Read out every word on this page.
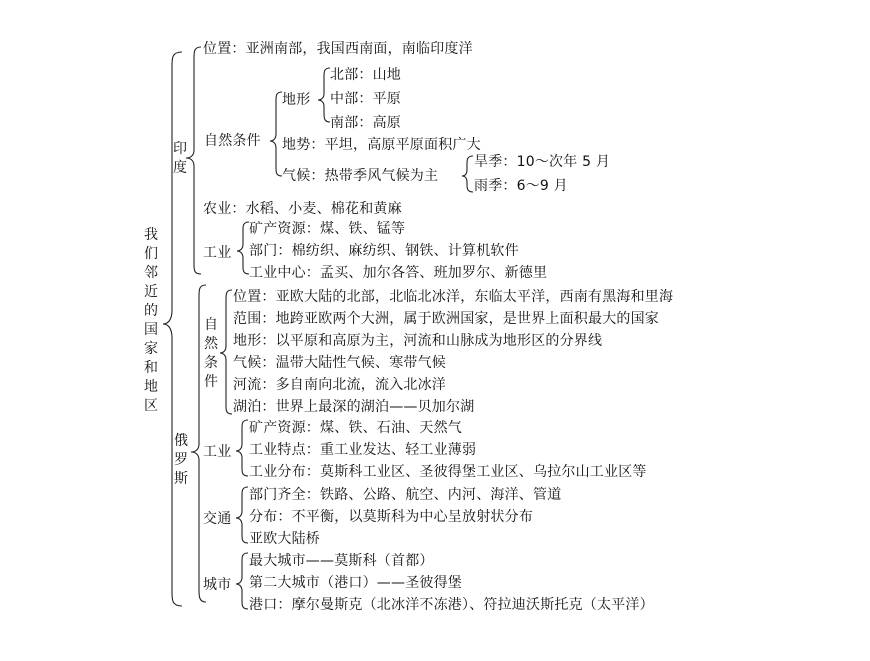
我们邻近的国家和地区
印度
位置：亚洲南部，我国西南面，南临印度洋
自然条件
地形
北部：山地
中部：平原
南部：高原
地势：平坦，高原平原面积广大
气候：热带季风气候为主
旱季：10～次年 5 月
雨季：6～9 月
农业：水稻、小麦、棉花和黄麻
工业
矿产资源：煤、铁、锰等
部门：棉纺织、麻纺织、钢铁、计算机软件
工业中心：孟买、加尔各答、班加罗尔、新德里
俄罗斯
自然条件
位置：亚欧大陆的北部，北临北冰洋，东临太平洋，西南有黑海和里海
范围：地跨亚欧两个大洲，属于欧洲国家，是世界上面积最大的国家
地形：以平原和高原为主，河流和山脉成为地形区的分界线
气候：温带大陆性气候、寒带气候
河流：多自南向北流，流入北冰洋
湖泊：世界上最深的湖泊——贝加尔湖
工业
矿产资源：煤、铁、石油、天然气
工业特点：重工业发达、轻工业薄弱
工业分布：莫斯科工业区、圣彼得堡工业区、乌拉尔山工业区等
交通
部门齐全：铁路、公路、航空、内河、海洋、管道
分布：不平衡，以莫斯科为中心呈放射状分布
亚欧大陆桥
城市
最大城市——莫斯科（首都）
第二大城市（港口）——圣彼得堡
港口：摩尔曼斯克（北冰洋不冻港）、符拉迪沃斯托克（太平洋）
